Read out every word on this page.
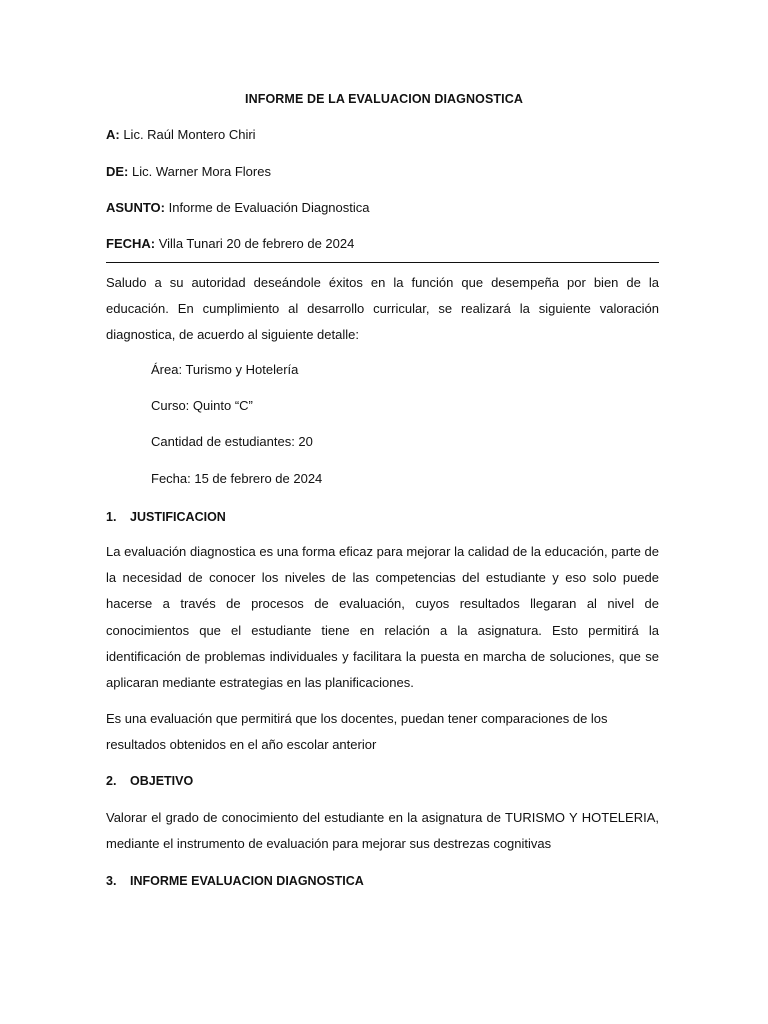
INFORME DE LA EVALUACION DIAGNOSTICA
A: Lic. Raúl Montero Chiri
DE: Lic. Warner Mora Flores
ASUNTO: Informe de Evaluación Diagnostica
FECHA: Villa Tunari 20 de febrero de 2024
Saludo a su autoridad deseándole éxitos en la función que desempeña por bien de la educación. En cumplimiento al desarrollo curricular, se realizará la siguiente valoración diagnostica, de acuerdo al siguiente detalle:
Área: Turismo y Hotelería
Curso: Quinto “C”
Cantidad de estudiantes: 20
Fecha: 15 de febrero de 2024
1. JUSTIFICACION
La evaluación diagnostica es una forma eficaz para mejorar la calidad de la educación, parte de la necesidad de conocer los niveles de las competencias del estudiante y eso solo puede hacerse a través de procesos de evaluación, cuyos resultados llegaran al nivel de conocimientos que el estudiante tiene en relación a la asignatura. Esto permitirá la identificación de problemas individuales y facilitara la puesta en marcha de soluciones, que se aplicaran mediante estrategias en las planificaciones.
Es una evaluación que permitirá que los docentes, puedan tener comparaciones de los resultados obtenidos en el año escolar anterior
2. OBJETIVO
Valorar el grado de conocimiento del estudiante en la asignatura de TURISMO Y HOTELERIA, mediante el instrumento de evaluación para mejorar sus destrezas cognitivas
3. INFORME EVALUACION DIAGNOSTICA
